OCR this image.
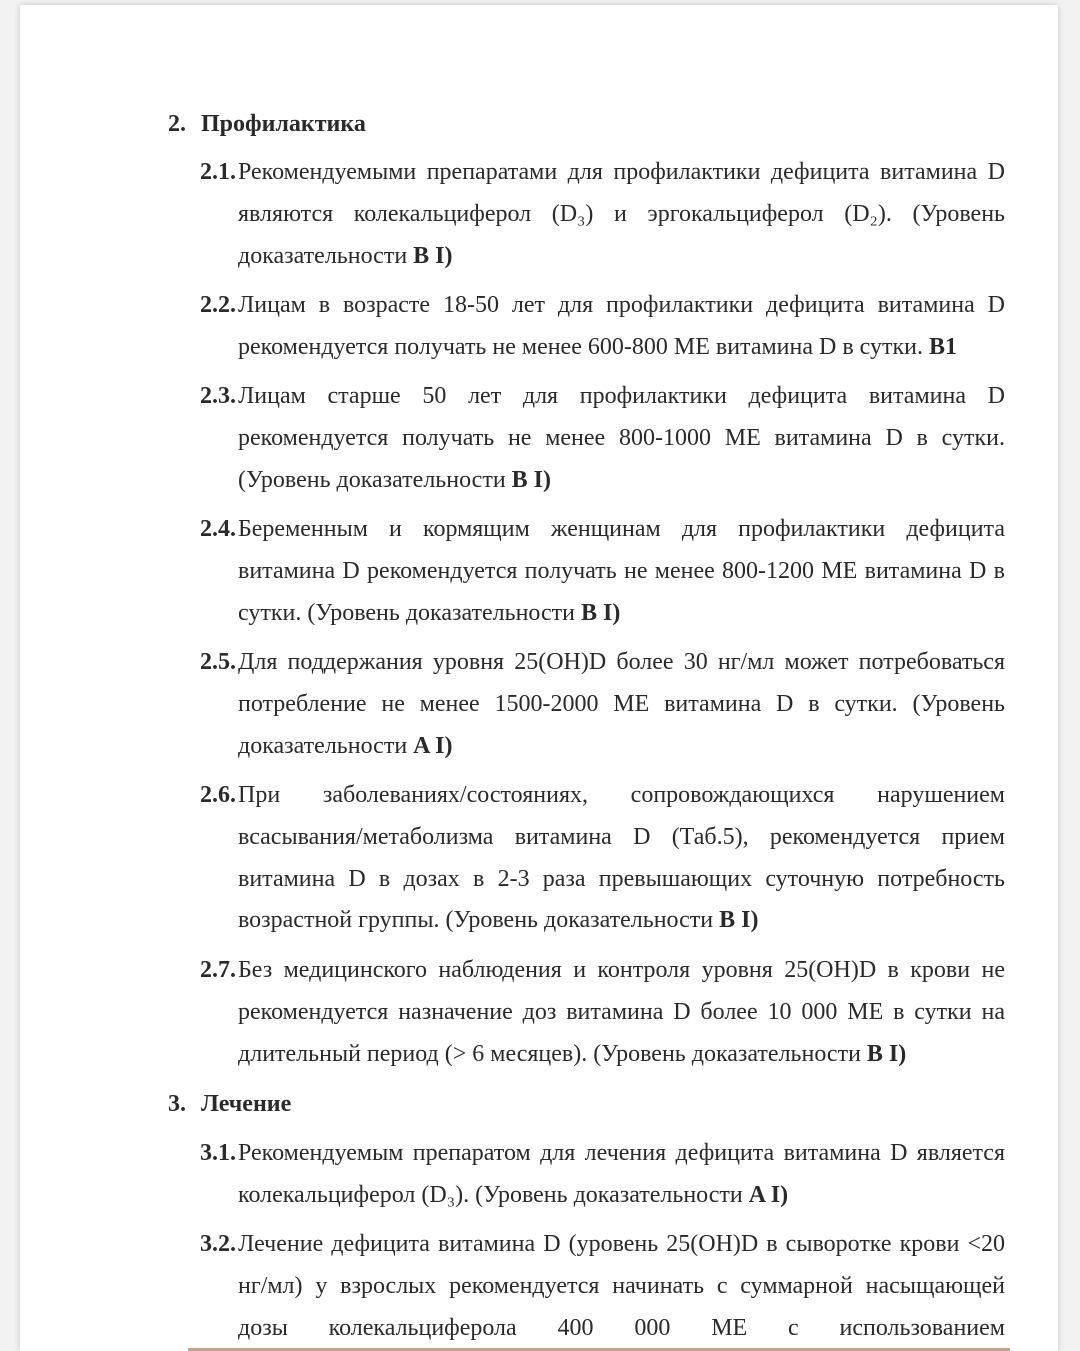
2. Профилактика
2.1. Рекомендуемыми препаратами для профилактики дефицита витамина D являются колекальциферол (D₃) и эргокальциферол (D₂). (Уровень доказательности B I)
2.2. Лицам в возрасте 18-50 лет для профилактики дефицита витамина D рекомендуется получать не менее 600-800 МЕ витамина D в сутки. B1
2.3. Лицам старше 50 лет для профилактики дефицита витамина D рекомендуется получать не менее 800-1000 МЕ витамина D в сутки. (Уровень доказательности B I)
2.4. Беременным и кормящим женщинам для профилактики дефицита витамина D рекомендуется получать не менее 800-1200 МЕ витамина D в сутки. (Уровень доказательности B I)
2.5. Для поддержания уровня 25(OH)D более 30 нг/мл может потребоваться потребление не менее 1500-2000 МЕ витамина D в сутки. (Уровень доказательности A I)
2.6. При заболеваниях/состояниях, сопровождающихся нарушением всасывания/метаболизма витамина D (Таб.5), рекомендуется прием витамина D в дозах в 2-3 раза превышающих суточную потребность возрастной группы. (Уровень доказательности B I)
2.7. Без медицинского наблюдения и контроля уровня 25(OH)D в крови не рекомендуется назначение доз витамина D более 10 000 МЕ в сутки на длительный период (> 6 месяцев). (Уровень доказательности B I)
3. Лечение
3.1. Рекомендуемым препаратом для лечения дефицита витамина D является колекальциферол (D₃). (Уровень доказательности A I)
3.2. Лечение дефицита витамина D (уровень 25(OH)D в сыворотке крови <20 нг/мл) у взрослых рекомендуется начинать с суммарной насыщающей дозы колекальциферола 400 000 МЕ с использованием
